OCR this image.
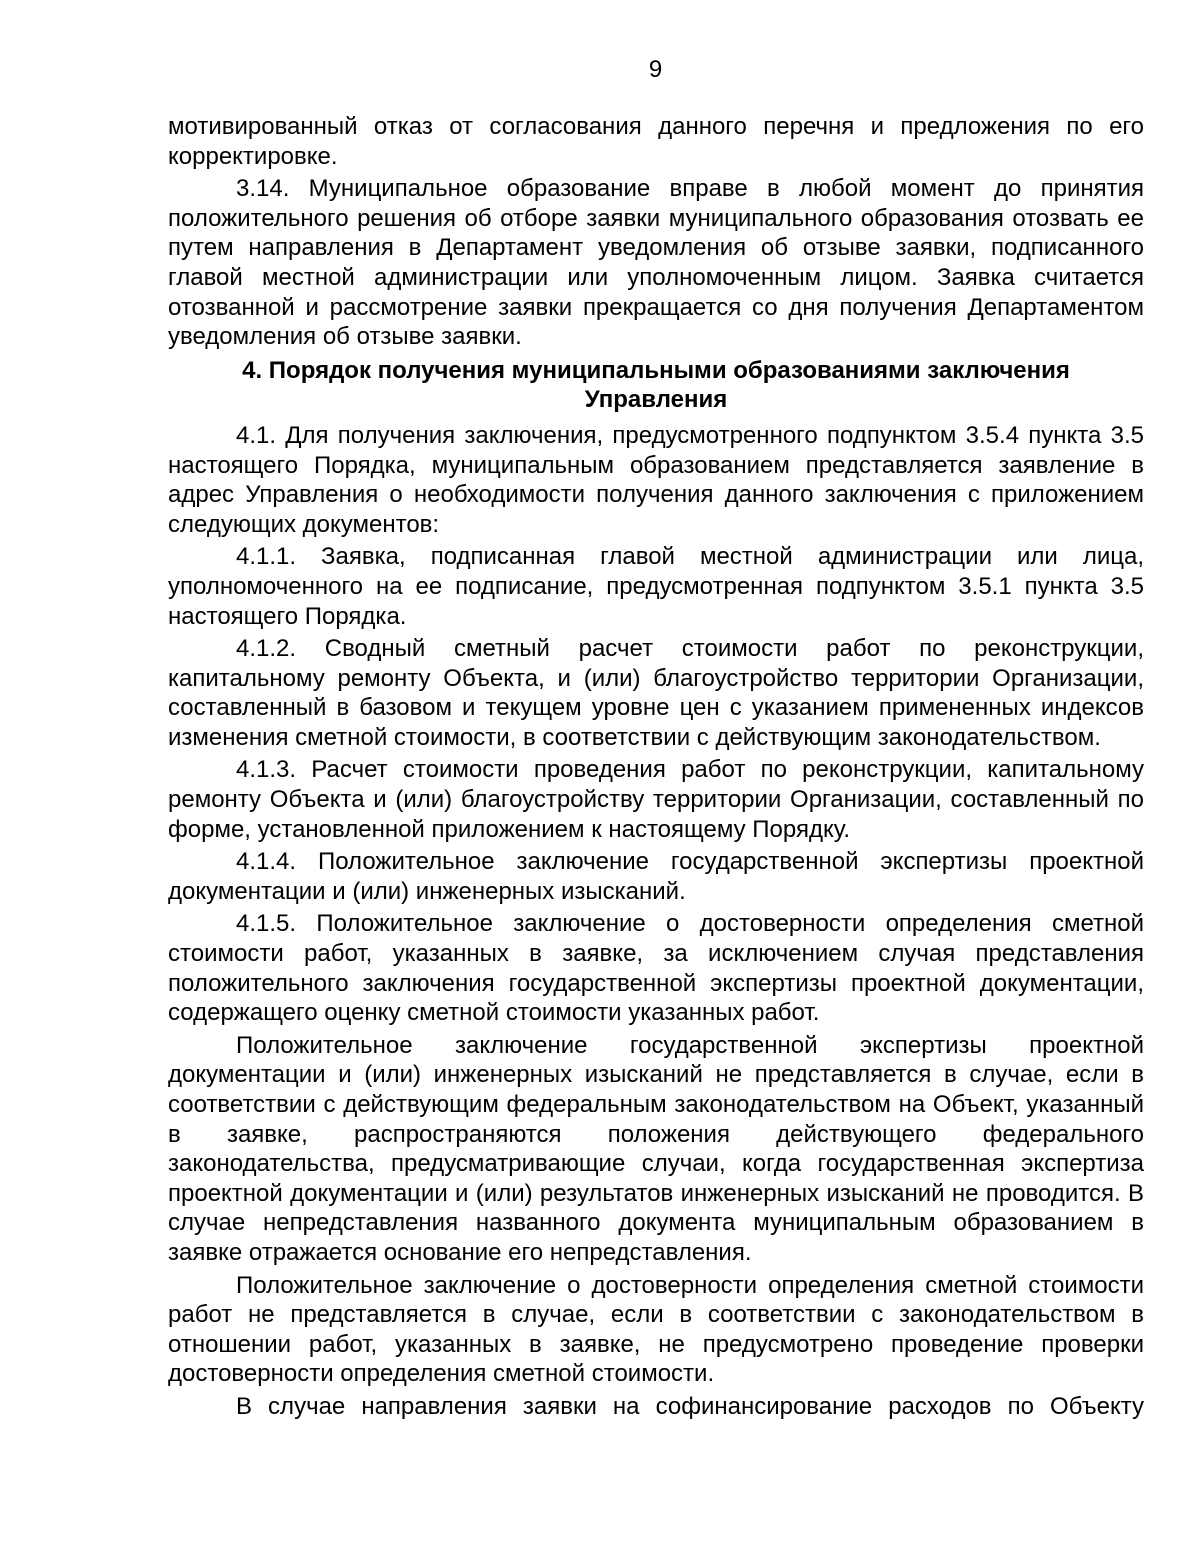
9

мотивированный отказ от согласования данного перечня и предложения по его корректировке.

3.14. Муниципальное образование вправе в любой момент до принятия положительного решения об отборе заявки муниципального образования отозвать ее путем направления в Департамент уведомления об отзыве заявки, подписанного главой местной администрации или уполномоченным лицом. Заявка считается отозванной и рассмотрение заявки прекращается со дня получения Департаментом уведомления об отзыве заявки.

4. Порядок получения муниципальными образованиями заключения
Управления

4.1. Для получения заключения, предусмотренного подпунктом 3.5.4 пункта 3.5 настоящего Порядка, муниципальным образованием представляется заявление в адрес Управления о необходимости получения данного заключения с приложением следующих документов:

4.1.1. Заявка, подписанная главой местной администрации или лица, уполномоченного на ее подписание, предусмотренная подпунктом 3.5.1 пункта 3.5 настоящего Порядка.

4.1.2. Сводный сметный расчет стоимости работ по реконструкции, капитальному ремонту Объекта, и (или) благоустройство территории Организации, составленный в базовом и текущем уровне цен с указанием примененных индексов изменения сметной стоимости, в соответствии с действующим законодательством.

4.1.3. Расчет стоимости проведения работ по реконструкции, капитальному ремонту Объекта и (или) благоустройству территории Организации, составленный по форме, установленной приложением к настоящему Порядку.

4.1.4. Положительное заключение государственной экспертизы проектной документации и (или) инженерных изысканий.

4.1.5. Положительное заключение о достоверности определения сметной стоимости работ, указанных в заявке, за исключением случая представления положительного заключения государственной экспертизы проектной документации, содержащего оценку сметной стоимости указанных работ.

Положительное заключение государственной экспертизы проектной документации и (или) инженерных изысканий не представляется в случае, если в соответствии с действующим федеральным законодательством на Объект, указанный в заявке, распространяются положения действующего федерального законодательства, предусматривающие случаи, когда государственная экспертиза проектной документации и (или) результатов инженерных изысканий не проводится. В случае непредставления названного документа муниципальным образованием в заявке отражается основание его непредставления.

Положительное заключение о достоверности определения сметной стоимости работ не представляется в случае, если в соответствии с законодательством в отношении работ, указанных в заявке, не предусмотрено проведение проверки достоверности определения сметной стоимости.

В случае направления заявки на софинансирование расходов по Объекту
